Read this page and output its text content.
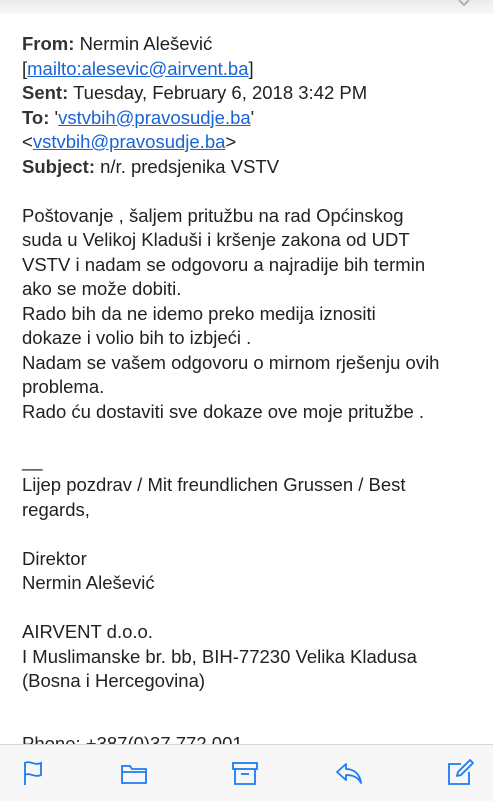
From: Nermin Alešević
[mailto:alesevic@airvent.ba]
Sent: Tuesday, February 6, 2018 3:42 PM
To: 'vstvbih@pravosudje.ba'
<vstvbih@pravosudje.ba>
Subject: n/r. predsjenika VSTV
Poštovanje , šaljem pritužbu na rad Općinskog
suda u Velikoj Kladuši i kršenje zakona od UDT
VSTV i nadam se odgovoru a najradije bih termin
ako se može dobiti.
Rado bih da ne idemo preko medija iznositi
dokaze i volio bih to izbjeći .
Nadam se vašem odgovoru o mirnom rješenju ovih
problema.
Rado ću dostaviti sve dokaze ove moje pritužbe .
__
Lijep pozdrav / Mit freundlichen Grussen / Best
regards,
Direktor
Nermin Alešević
AIRVENT d.o.o.
I Muslimanske br. bb, BIH-77230 Velika Kladusa
(Bosna i Hercegovina)
